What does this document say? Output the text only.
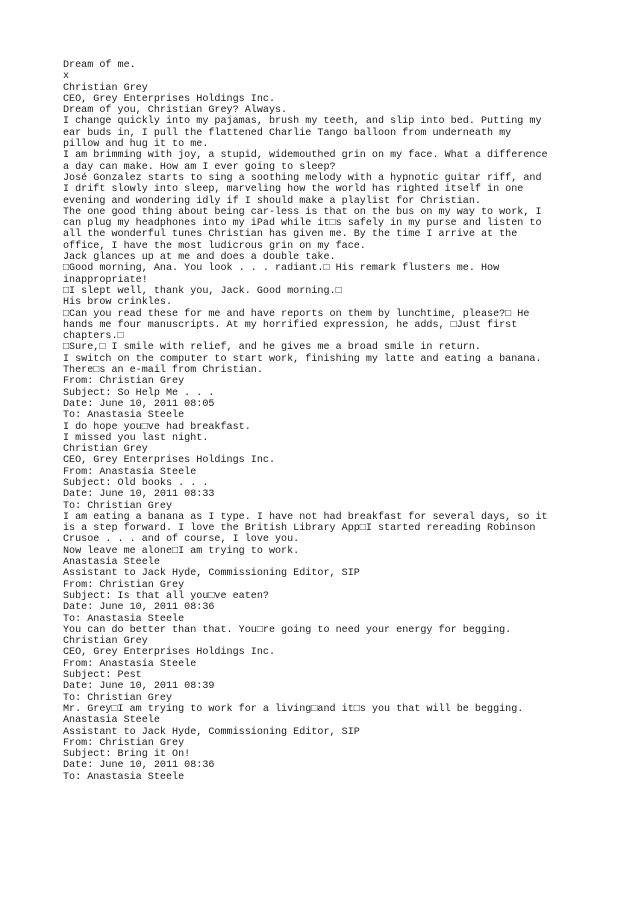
Dream of me.
x
Christian Grey
CEO, Grey Enterprises Holdings Inc.
Dream of you, Christian Grey? Always.
I change quickly into my pajamas, brush my teeth, and slip into bed. Putting my
ear buds in, I pull the flattened Charlie Tango balloon from underneath my
pillow and hug it to me.
I am brimming with joy, a stupid, widemouthed grin on my face. What a difference
a day can make. How am I ever going to sleep?
José Gonzalez starts to sing a soothing melody with a hypnotic guitar riff, and
I drift slowly into sleep, marveling how the world has righted itself in one
evening and wondering idly if I should make a playlist for Christian.
The one good thing about being car-less is that on the bus on my way to work, I
can plug my headphones into my iPad while it□s safely in my purse and listen to
all the wonderful tunes Christian has given me. By the time I arrive at the
office, I have the most ludicrous grin on my face.
Jack glances up at me and does a double take.
□Good morning, Ana. You look . . . radiant.□ His remark flusters me. How
inappropriate!
□I slept well, thank you, Jack. Good morning.□
His brow crinkles.
□Can you read these for me and have reports on them by lunchtime, please?□ He
hands me four manuscripts. At my horrified expression, he adds, □Just first
chapters.□
□Sure,□ I smile with relief, and he gives me a broad smile in return.
I switch on the computer to start work, finishing my latte and eating a banana.
There□s an e-mail from Christian.
From: Christian Grey
Subject: So Help Me . . .
Date: June 10, 2011 08:05
To: Anastasia Steele
I do hope you□ve had breakfast.
I missed you last night.
Christian Grey
CEO, Grey Enterprises Holdings Inc.
From: Anastasia Steele
Subject: Old books . . .
Date: June 10, 2011 08:33
To: Christian Grey
I am eating a banana as I type. I have not had breakfast for several days, so it
is a step forward. I love the British Library App□I started rereading Robinson
Crusoe . . . and of course, I love you.
Now leave me alone□I am trying to work.
Anastasia Steele
Assistant to Jack Hyde, Commissioning Editor, SIP
From: Christian Grey
Subject: Is that all you□ve eaten?
Date: June 10, 2011 08:36
To: Anastasia Steele
You can do better than that. You□re going to need your energy for begging.
Christian Grey
CEO, Grey Enterprises Holdings Inc.
From: Anastasia Steele
Subject: Pest
Date: June 10, 2011 08:39
To: Christian Grey
Mr. Grey□I am trying to work for a living□and it□s you that will be begging.
Anastasia Steele
Assistant to Jack Hyde, Commissioning Editor, SIP
From: Christian Grey
Subject: Bring it On!
Date: June 10, 2011 08:36
To: Anastasia Steele
